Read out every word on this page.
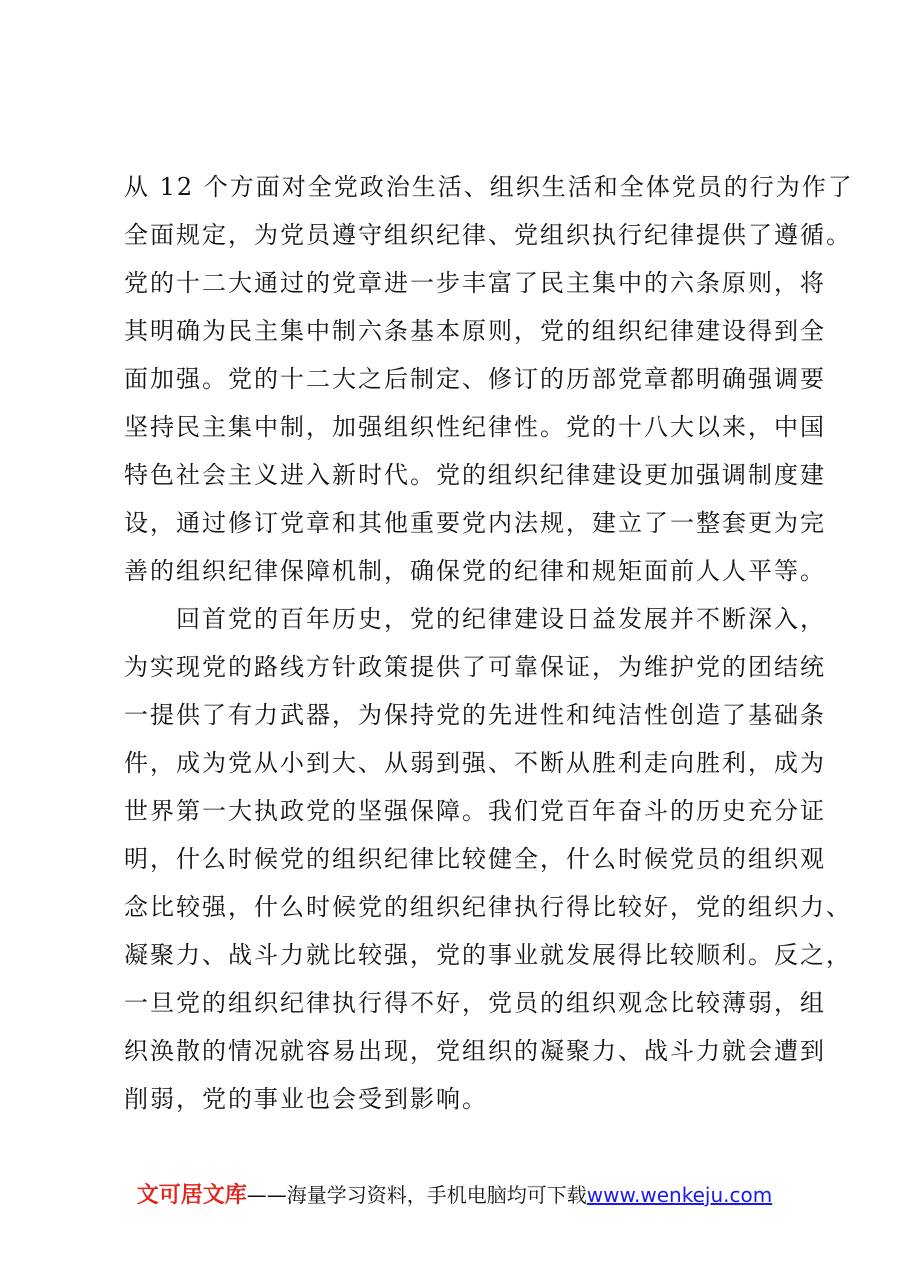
从 12 个方面对全党政治生活、组织生活和全体党员的行为作了
全面规定，为党员遵守组织纪律、党组织执行纪律提供了遵循。
党的十二大通过的党章进一步丰富了民主集中的六条原则，将
其明确为民主集中制六条基本原则，党的组织纪律建设得到全
面加强。党的十二大之后制定、修订的历部党章都明确强调要
坚持民主集中制，加强组织性纪律性。党的十八大以来，中国
特色社会主义进入新时代。党的组织纪律建设更加强调制度建
设，通过修订党章和其他重要党内法规，建立了一整套更为完
善的组织纪律保障机制，确保党的纪律和规矩面前人人平等。
　　回首党的百年历史，党的纪律建设日益发展并不断深入，
为实现党的路线方针政策提供了可靠保证，为维护党的团结统
一提供了有力武器，为保持党的先进性和纯洁性创造了基础条
件，成为党从小到大、从弱到强、不断从胜利走向胜利，成为
世界第一大执政党的坚强保障。我们党百年奋斗的历史充分证
明，什么时候党的组织纪律比较健全，什么时候党员的组织观
念比较强，什么时候党的组织纪律执行得比较好，党的组织力、
凝聚力、战斗力就比较强，党的事业就发展得比较顺利。反之，
一旦党的组织纪律执行得不好，党员的组织观念比较薄弱，组
织涣散的情况就容易出现，党组织的凝聚力、战斗力就会遭到
削弱，党的事业也会受到影响。
文可居文库——海量学习资料，手机电脑均可下载www.wenkeju.com
